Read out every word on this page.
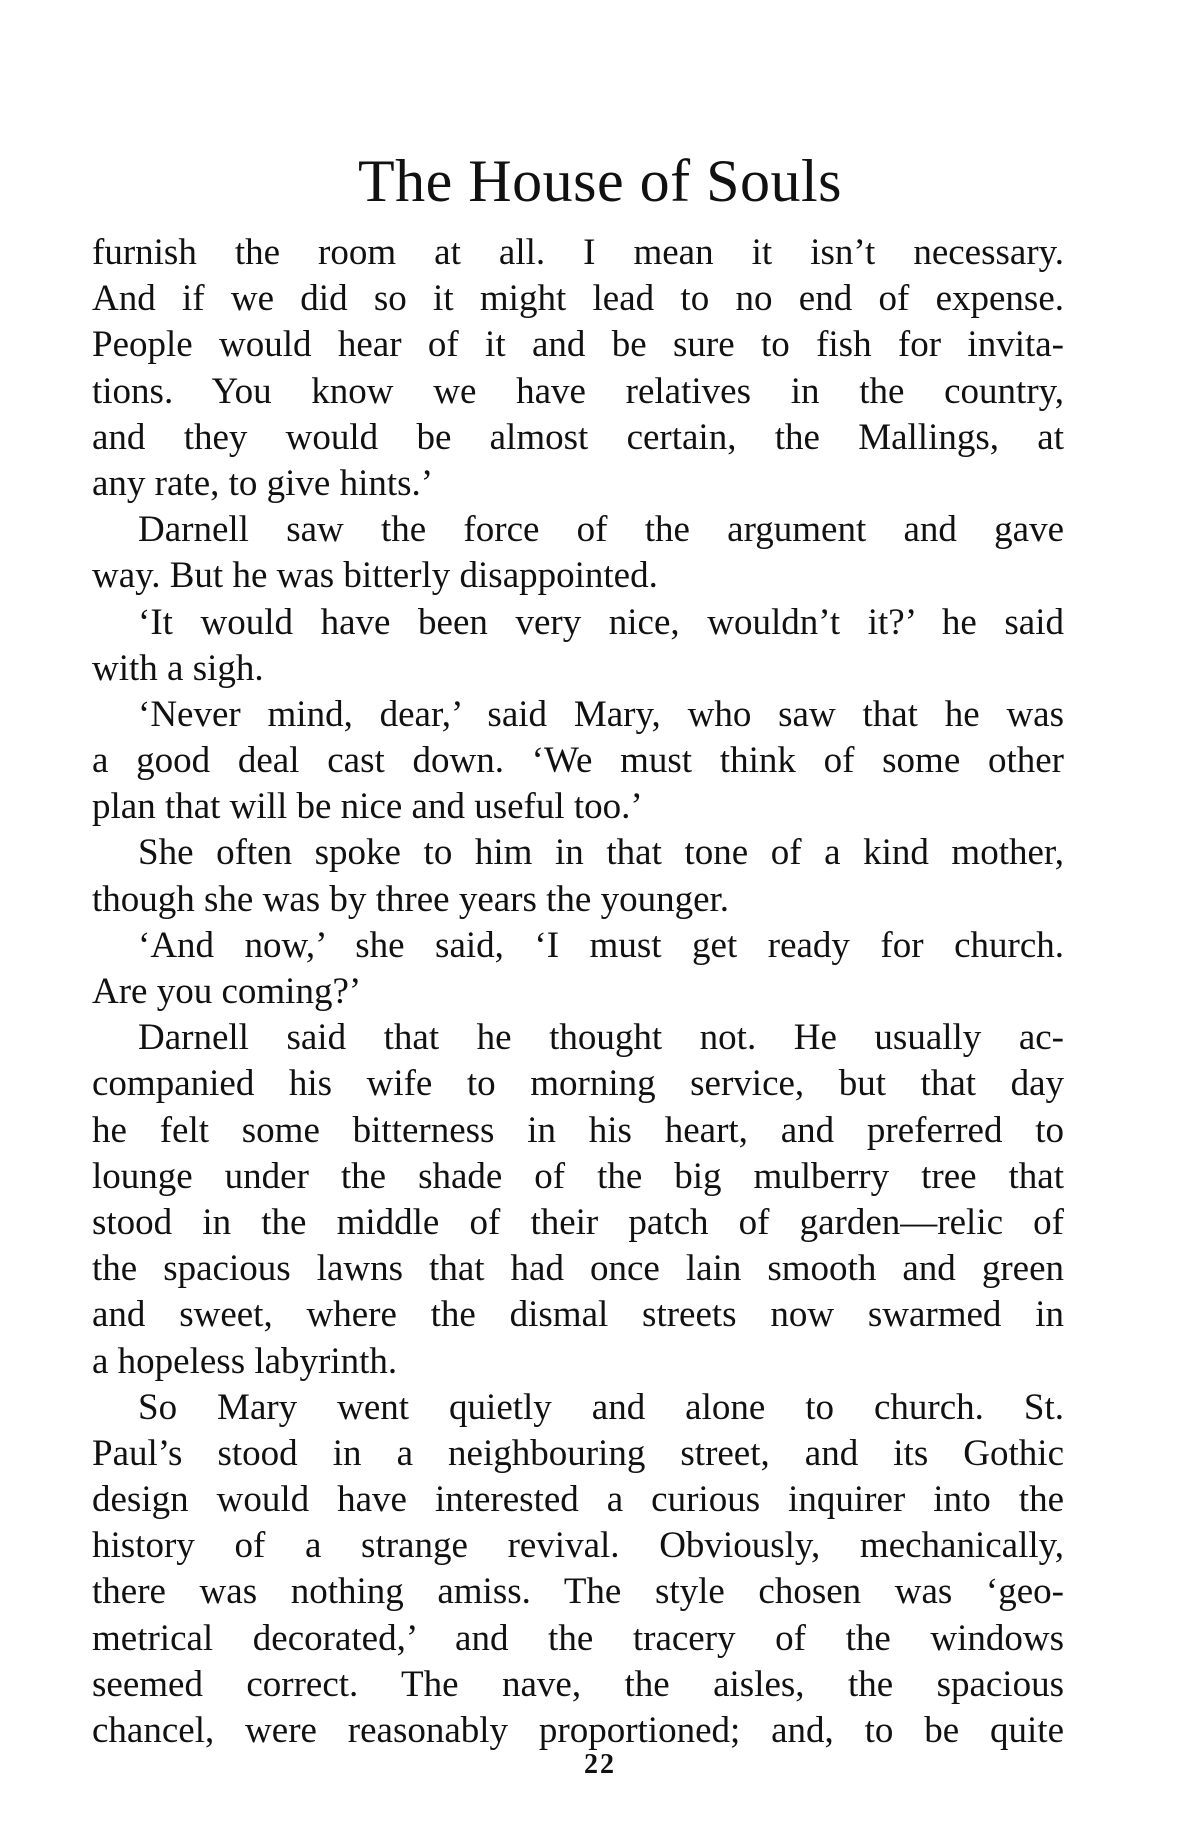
The House of Souls
furnish the room at all. I mean it isn’t necessary.
And if we did so it might lead to no end of expense.
People would hear of it and be sure to fish for invita-
tions. You know we have relatives in the country,
and they would be almost certain, the Mallings, at
any rate, to give hints.’
Darnell saw the force of the argument and gave
way. But he was bitterly disappointed.
‘It would have been very nice, wouldn’t it?’ he said
with a sigh.
‘Never mind, dear,’ said Mary, who saw that he was
a good deal cast down. ‘We must think of some other
plan that will be nice and useful too.’
She often spoke to him in that tone of a kind mother,
though she was by three years the younger.
‘And now,’ she said, ‘I must get ready for church.
Are you coming?’
Darnell said that he thought not. He usually ac-
companied his wife to morning service, but that day
he felt some bitterness in his heart, and preferred to
lounge under the shade of the big mulberry tree that
stood in the middle of their patch of garden—relic of
the spacious lawns that had once lain smooth and green
and sweet, where the dismal streets now swarmed in
a hopeless labyrinth.
So Mary went quietly and alone to church. St.
Paul’s stood in a neighbouring street, and its Gothic
design would have interested a curious inquirer into the
history of a strange revival. Obviously, mechanically,
there was nothing amiss. The style chosen was ‘geo-
metrical decorated,’ and the tracery of the windows
seemed correct. The nave, the aisles, the spacious
chancel, were reasonably proportioned; and, to be quite
22
